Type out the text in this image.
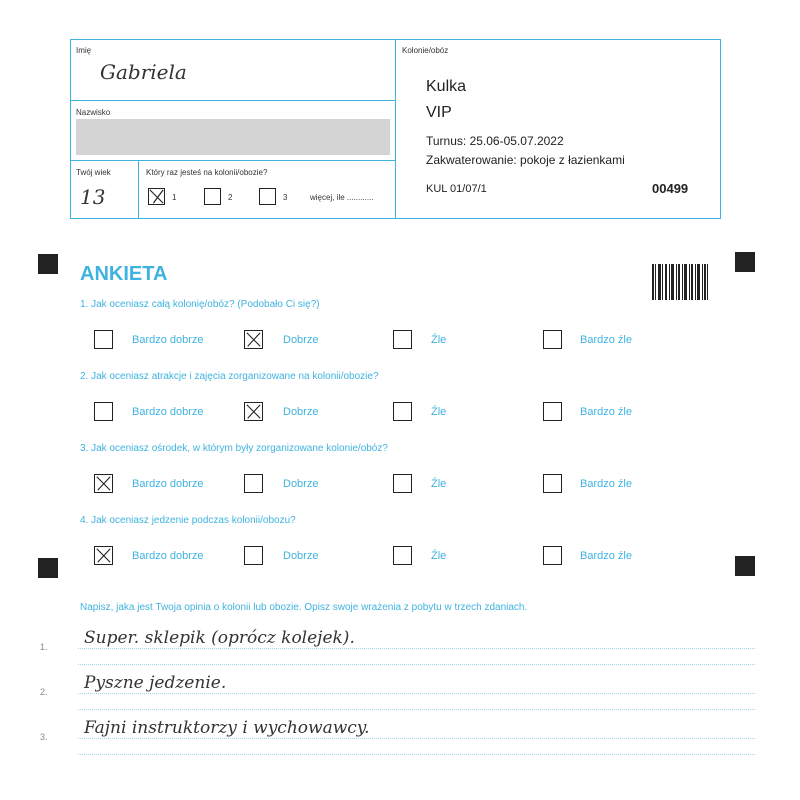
Imię
Gabriela
Nazwisko
Twój wiek
13
Który raz jesteś na kolonii/obozie?
1	2	3	więcej, ile ............
Kolonie/obóz
Kulka
VIP
Turnus: 25.06-05.07.2022
Zakwaterowanie: pokoje z łazienkami
KUL 01/07/1	00499
ANKIETA
1. Jak oceniasz całą kolonię/obóz? (Podobało Ci się?)
Bardzo dobrze	Dobrze	Źle	Bardzo źle
2. Jak oceniasz atrakcje i zajęcia zorganizowane na kolonii/obozie?
Bardzo dobrze	Dobrze	Źle	Bardzo źle
3. Jak oceniasz ośrodek, w którym były zorganizowane kolonie/obóz?
Bardzo dobrze	Dobrze	Źle	Bardzo źle
4. Jak oceniasz jedzenie podczas kolonii/obozu?
Bardzo dobrze	Dobrze	Źle	Bardzo źle
Napisz, jaka jest Twoja opinia o kolonii lub obozie. Opisz swoje wrażenia z pobytu w trzech zdaniach.
1. Super. sklepik (oprócz kolejek).
2. Pyszne jedzenie.
3. Fajni instruktorzy i wychowawcy.
